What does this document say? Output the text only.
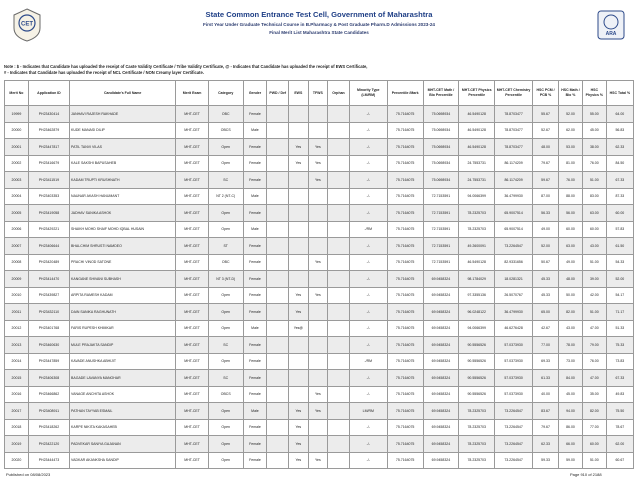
CET
State Common Entrance Test Cell, Government of Maharashtra
First Year Under Graduate Technical Course in B.Pharmacy & Post Graduate Pharm.D Admissions 2023-24
Final Merit List Maharashtra State Candidates	ARA
Note : $ - Indicates that Candidate has uploaded the receipt of Caste Validity Certificate / Tribe Validity Certificate, @ - Indicates that Candidate has uploaded the receipt of EWS Certificate,
# - Indicates that Candidate has uploaded the receipt of NCL Certificate / NON Creamy layer Certificate.
Merit No	Application ID	Candidate's Full Name	Merit Exam	Category	Gender	PWD / Def	EWS	TFWS	Orphan	Minority Type (LM/RM)	Percentile /Mark	MHT-CET Math / Bio Percentile	MHT-CET Physics Percentile	MHT-CET Chemistry Percentile	HSC PCM / PCB %	HSC Math / Bio %	HSC Physics %	HSC Total %
19999	PH23430414	JANHAVI RAJESH RAKHADE	MHT-CET	OBC	Female					-/-	75.7164075	75.0698934	46.5490128	78.8703477	55.67	52.00	55.00	64.00
20000	PH23462879	KUDE MANASI DILIP	MHT-CET	OBCS	Male					-/-	75.7164075	75.0698934	46.5490128	78.8703477	52.67	62.00	45.00	56.83
20001	PH23447817	PATIL TANVI VILAS	MHT-CET	Open	Female		Yes	Yes		-/-	75.7164075	75.0698934	46.5490128	78.8703477	48.00	53.00	38.00	62.33
20002	PH23416679	KALE SAKSHI BAPUSAHEB	MHT-CET	Open	Female		Yes	Yes		-/-	75.7164075	75.0698934	24.7553731	86.1174209	79.67	81.00	76.00	84.50
20003	PH23411519	KADAM TRUPTI KRUSHNATH	MHT-CET	SC	Female			Yes		-/-	75.7164075	75.0698934	24.7553731	86.1174209	59.67	76.00	51.00	67.33
20004	PH23403353	NAUNAR AKASH HANUMANT	MHT-CET	NT 2 (NT-C)	Male					-/-	75.7164075	72.7153591	94.0066399	36.4799930	87.00	88.00	83.00	87.33
20005	PH23419058	JADHAV SANIKA ASHOK	MHT-CET	Open	Female					-/-	75.7164075	72.7153591	78.2325703	65.9007514	56.33	56.00	63.00	60.00
20006	PH23429221	SHAIKH MOHD SHAIF MOHD IQBAL HUSAIN	MHT-CET	Open	Male					-/RM	75.7164075	72.7153591	78.2325703	65.9007514	49.00	60.00	60.00	57.83
20007	PH23406644	BHALCHIM SHRUSTI NAMDEO	MHT-CET	ST	Female					-/-	75.7164075	72.7153591	49.2600091	73.2264547	52.00	63.00	43.00	61.50
20008	PH23420489	PRACHI VINOD SATONE	MHT-CET	OBC	Female			Yes		-/-	75.7164075	72.7153591	46.5490128	82.9331656	50.67	49.00	51.00	54.33
20009	PH23414470	KANGANE SHIVANI SUBHASH	MHT-CET	NT 3 (NT-D)	Female					-/-	75.7164075	69.9458324	98.1784029	18.0281321	45.33	48.00	39.00	52.00
20010	PH23439827	ARPITA RAMESH KADAM	MHT-CET	Open	Female		Yes	Yes		-/-	75.7164075	69.9458324	97.3355136	26.5070767	45.33	50.00	42.00	54.17
20011	PH23432110	DAIN SANIKA RAGHUNATH	MHT-CET	Open	Female		Yes			-/-	75.7164075	69.9458324	96.0248122	36.4799930	65.00	82.00	51.00	71.17
20012	PH23401768	FARIS RUPESH KHIMKAR	MHT-CET	Open	Male		Yes@			-/-	75.7164075	69.9458324	94.0066399	46.6276428	42.67	43.00	47.00	51.33
20013	PH23460630	MULE PRAJAKTA SANDIP	MHT-CET	SC	Female					-/-	75.7164075	69.9458324	90.5556526	57.0373930	77.00	78.00	79.00	75.33
20014	PH23447859	KAVADE ANUSHKA ABHIJIT	MHT-CET	Open	Female					-/RM	75.7164075	69.9458324	90.5556526	57.0373930	69.33	73.00	76.00	73.83
20015	PH23406308	BAGADE LAVANYA MANOHAR	MHT-CET	SC	Female					-/-	75.7164075	69.9458324	90.5556526	57.0373930	61.33	84.00	47.00	67.33
20016	PH23466862	VANAGE ANCHITA ASHOK	MHT-CET	OBCS	Female			Yes		-/-	75.7164075	69.9458324	90.5556526	57.0373930	40.00	45.00	35.00	49.83
20017	PH23408911	PATHAN TAYYAB ESMAIL	MHT-CET	Open	Male		Yes	Yes		LM/RM	75.7164075	69.9458324	78.2325703	73.2264547	83.67	94.00	82.00	75.50
20018	PH23418262	KARPE NIKITA KAKASAHEB	MHT-CET	Open	Female		Yes			-/-	75.7164075	69.9458324	78.2325703	73.2264547	79.67	86.00	77.00	78.67
20019	PH23422120	PADVEKAR SANIYA GAJANAN	MHT-CET	Open	Female		Yes			-/-	75.7164075	69.9458324	78.2325703	73.2264547	62.33	66.00	60.00	62.00
20020	PH23444473	VADKAR AKANKSHA SANDIP	MHT-CET	Open	Female		Yes	Yes		-/-	75.7164075	69.9458324	78.2325703	73.2264547	59.33	59.00	51.00	60.67
Published on 08/08/2023	Page 910 of 2188
